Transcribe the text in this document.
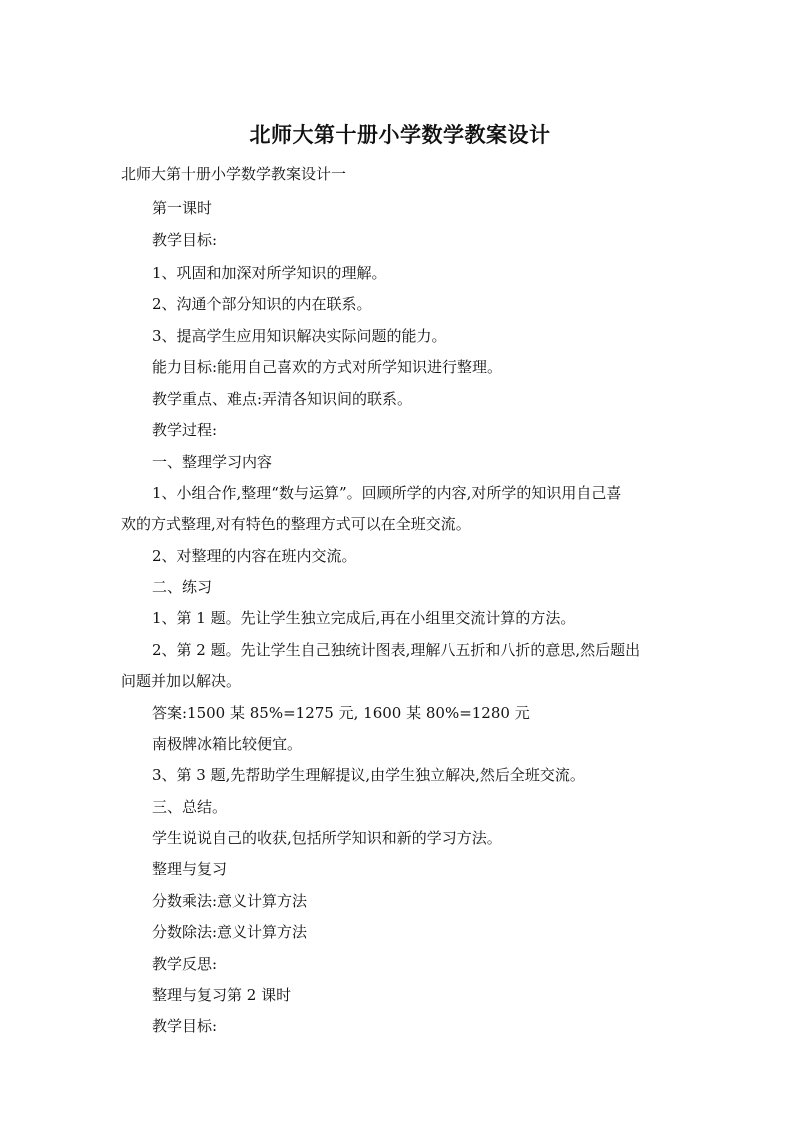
北师大第十册小学数学教案设计
北师大第十册小学数学教案设计一
第一课时
教学目标:
1、巩固和加深对所学知识的理解。
2、沟通个部分知识的内在联系。
3、提高学生应用知识解决实际问题的能力。
能力目标:能用自己喜欢的方式对所学知识进行整理。
教学重点、难点:弄清各知识间的联系。
教学过程:
一、整理学习内容
1、小组合作,整理“数与运算”。回顾所学的内容,对所学的知识用自己喜
欢的方式整理,对有特色的整理方式可以在全班交流。
2、对整理的内容在班内交流。
二、练习
1、第 1 题。先让学生独立完成后,再在小组里交流计算的方法。
2、第 2 题。先让学生自己独统计图表,理解八五折和八折的意思,然后题出
问题并加以解决。
答案:1500 某 85%=1275 元, 1600 某 80%=1280 元
南极牌冰箱比较便宜。
3、第 3 题,先帮助学生理解提议,由学生独立解决,然后全班交流。
三、总结。
学生说说自己的收获,包括所学知识和新的学习方法。
整理与复习
分数乘法:意义计算方法
分数除法:意义计算方法
教学反思:
整理与复习第 2 课时
教学目标:
